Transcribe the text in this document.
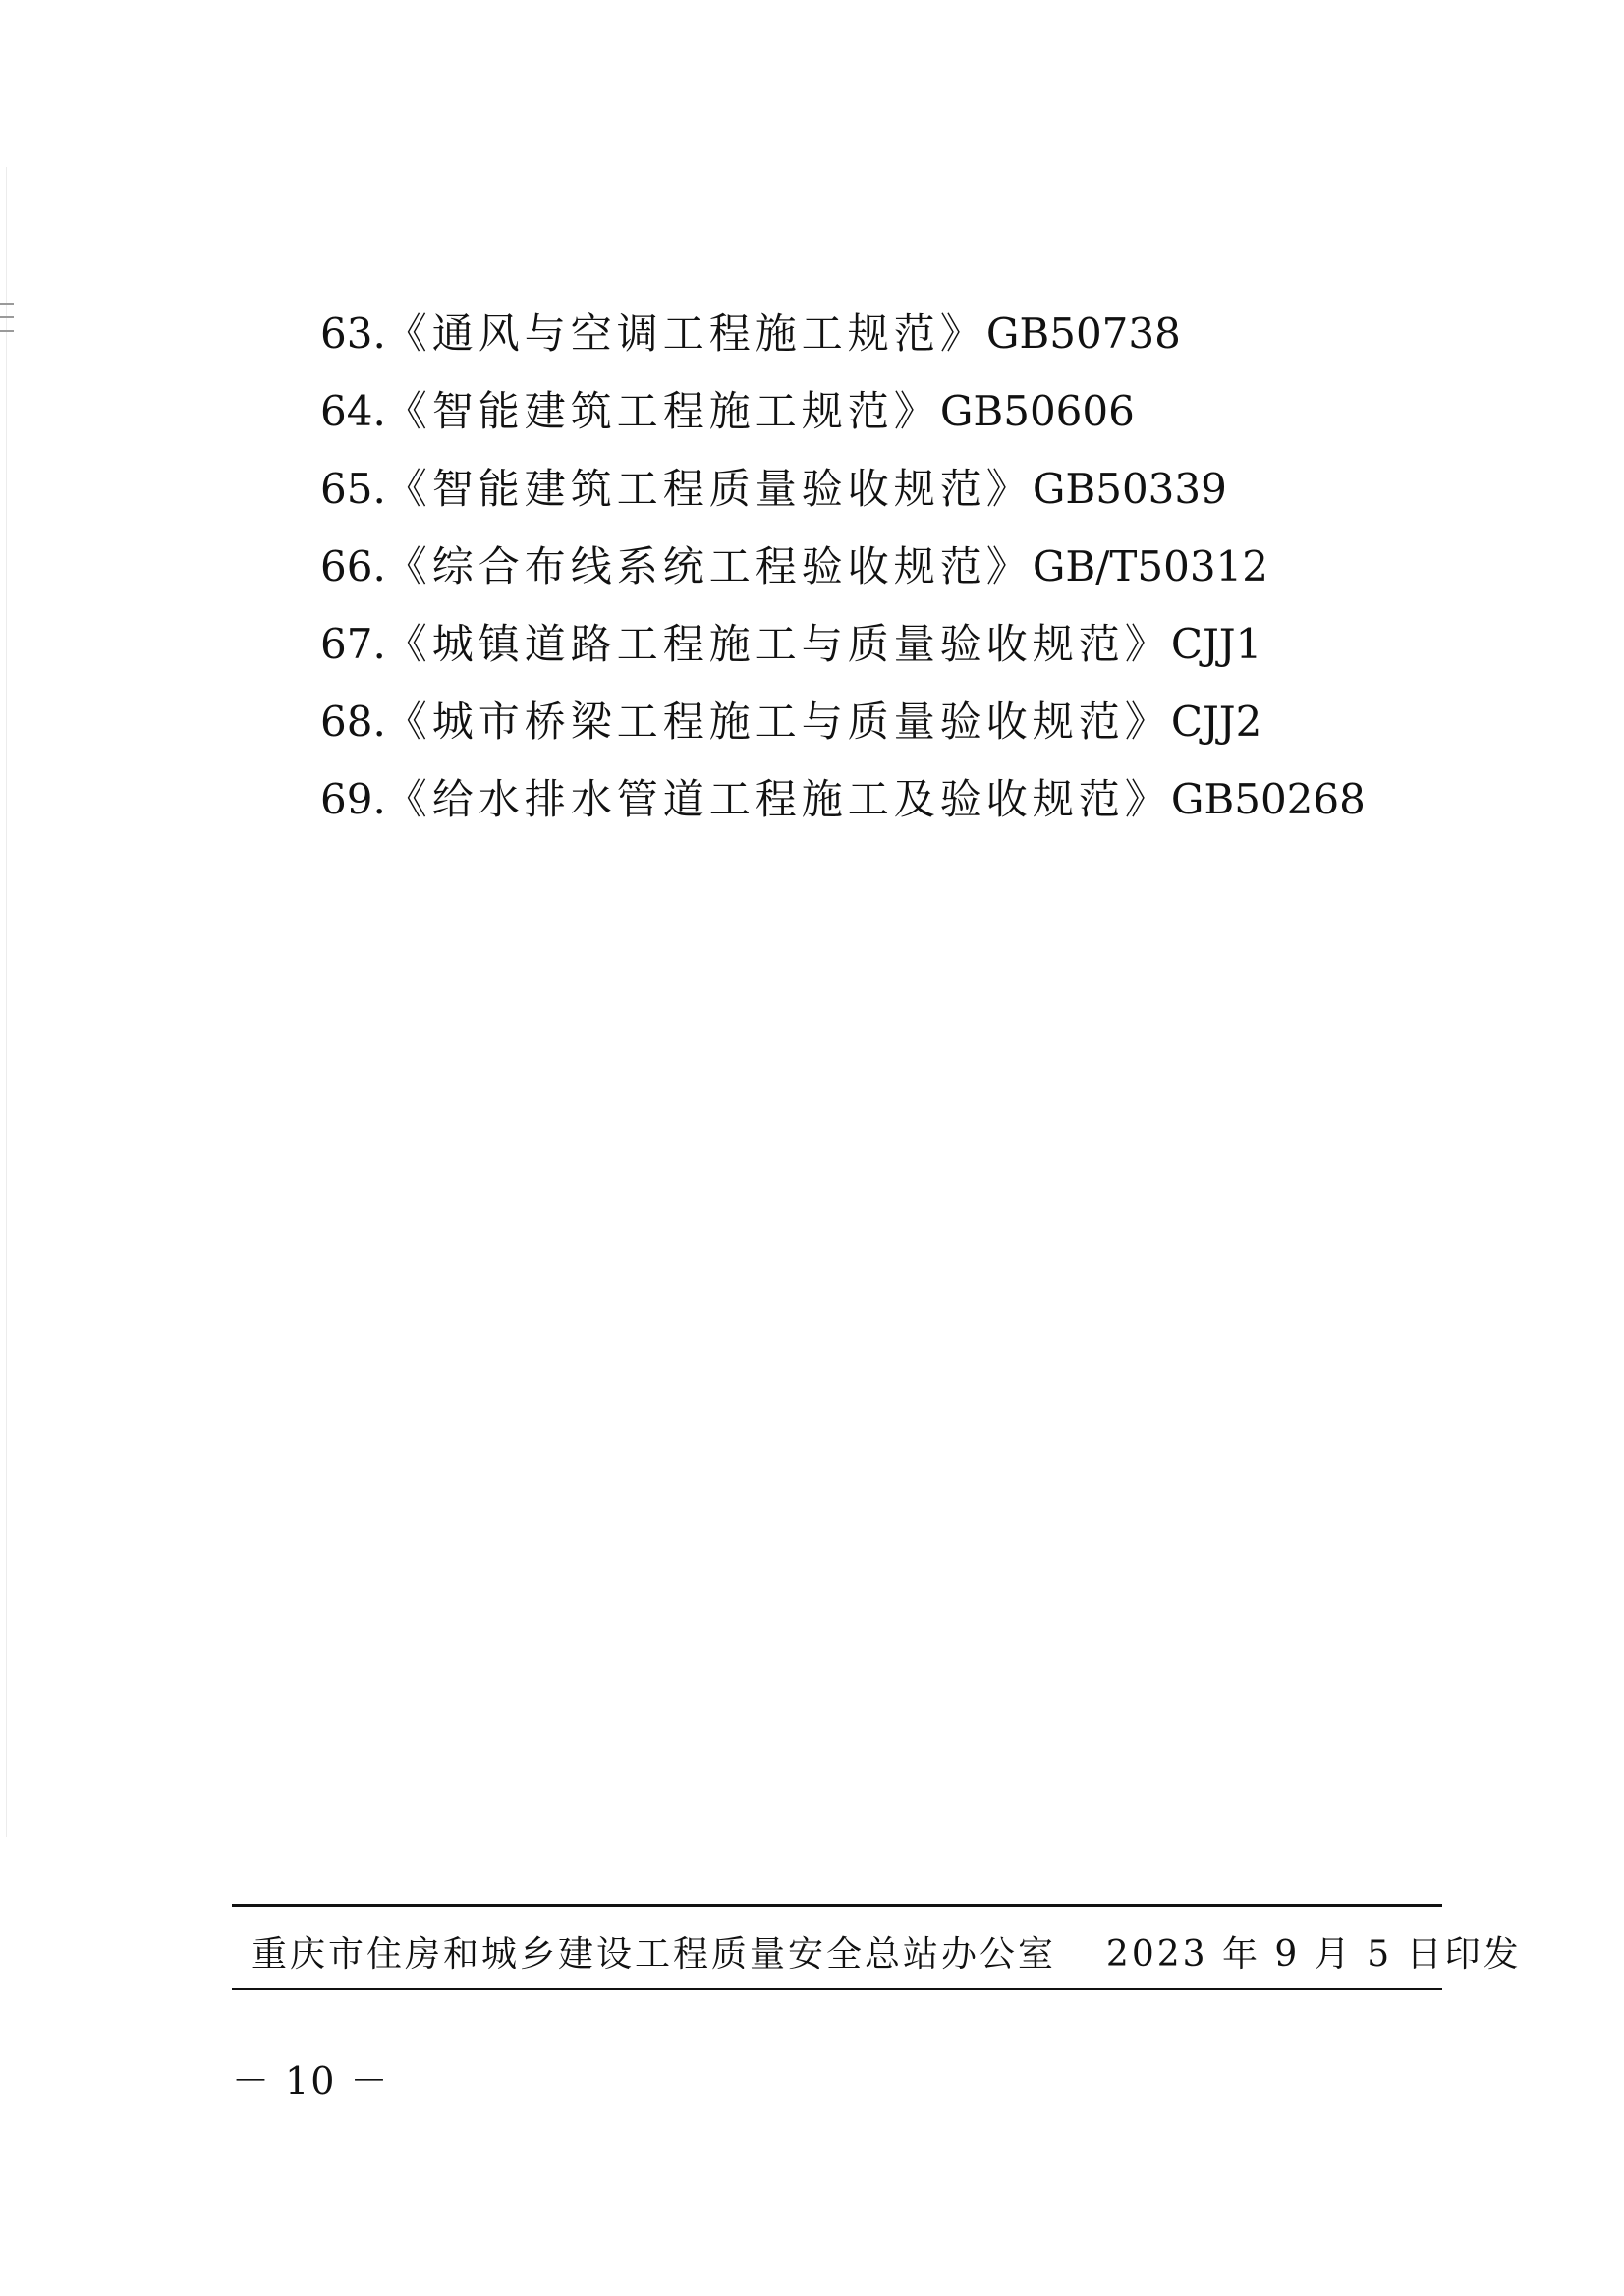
63.《通风与空调工程施工规范》GB50738
64.《智能建筑工程施工规范》GB50606
65.《智能建筑工程质量验收规范》GB50339
66.《综合布线系统工程验收规范》GB/T50312
67.《城镇道路工程施工与质量验收规范》CJJ1
68.《城市桥梁工程施工与质量验收规范》CJJ2
69.《给水排水管道工程施工及验收规范》GB50268
重庆市住房和城乡建设工程质量安全总站办公室 2023 年 9 月 5 日印发
－ 10 －
